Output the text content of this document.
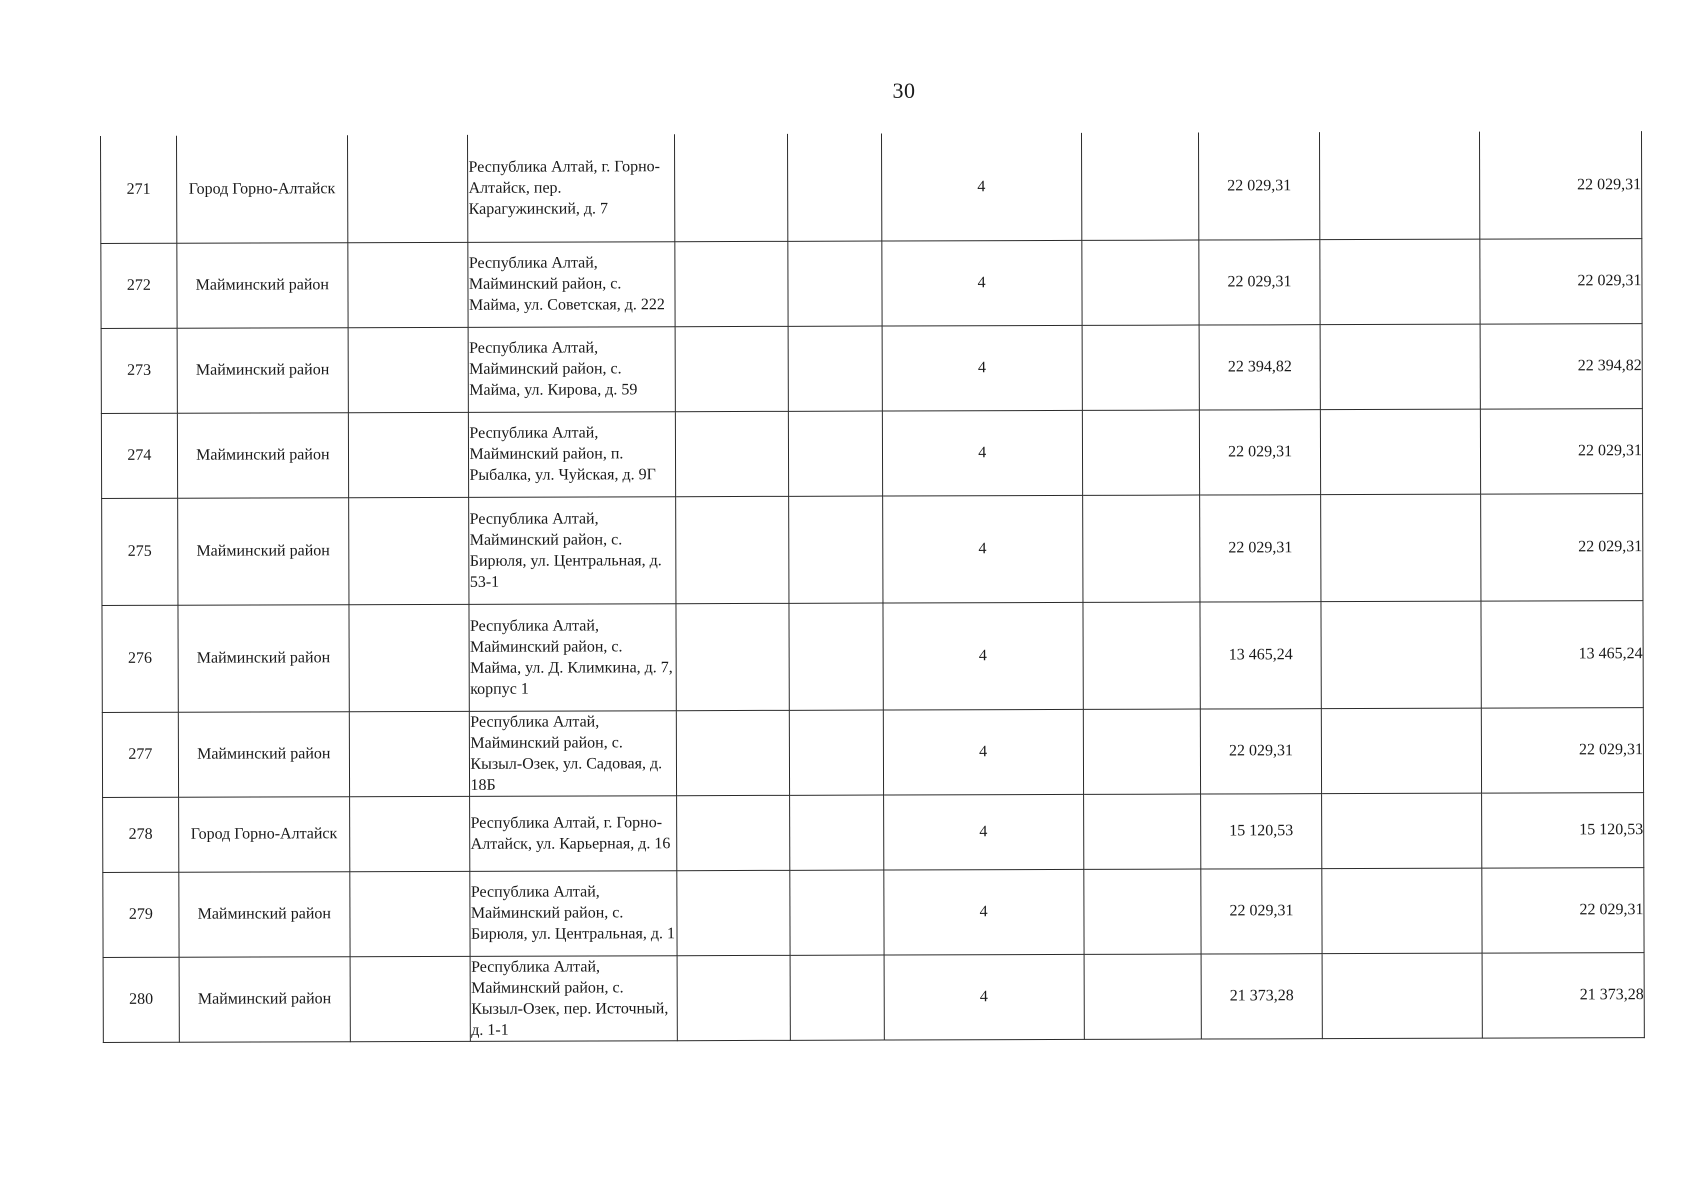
30
271	Город Горно-Алтайск		Республика Алтай, г. Горно-Алтайск, пер. Карагужинский, д. 7			4		22 029,31		22 029,31
272	Майминский район		Республика Алтай, Майминский район, с. Майма, ул. Советская, д. 222			4		22 029,31		22 029,31
273	Майминский район		Республика Алтай, Майминский район, с. Майма, ул. Кирова, д. 59			4		22 394,82		22 394,82
274	Майминский район		Республика Алтай, Майминский район, п. Рыбалка, ул. Чуйская, д. 9Г			4		22 029,31		22 029,31
275	Майминский район		Республика Алтай, Майминский район, с. Бирюля, ул. Центральная, д. 53-1			4		22 029,31		22 029,31
276	Майминский район		Республика Алтай, Майминский район, с. Майма, ул. Д. Климкина, д. 7, корпус 1			4		13 465,24		13 465,24
277	Майминский район		Республика Алтай, Майминский район, с. Кызыл-Озек, ул. Садовая, д. 18Б			4		22 029,31		22 029,31
278	Город Горно-Алтайск		Республика Алтай, г. Горно-Алтайск, ул. Карьерная, д. 16			4		15 120,53		15 120,53
279	Майминский район		Республика Алтай, Майминский район, с. Бирюля, ул. Центральная, д. 1			4		22 029,31		22 029,31
280	Майминский район		Республика Алтай, Майминский район, с. Кызыл-Озек, пер. Источный, д. 1-1			4		21 373,28		21 373,28
